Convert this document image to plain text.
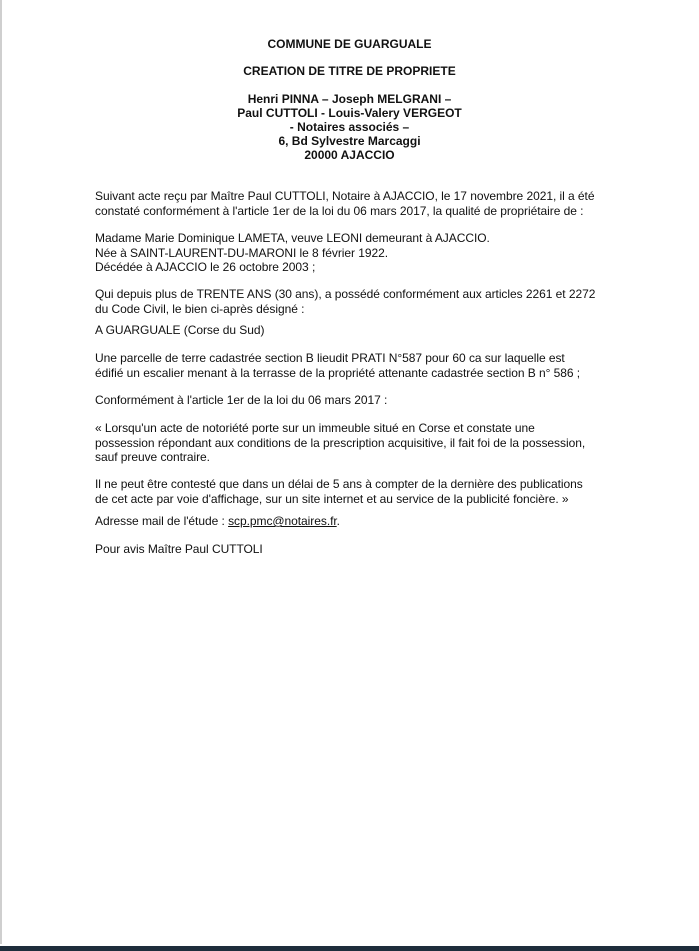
COMMUNE DE GUARGUALE
CREATION DE TITRE DE PROPRIETE
Henri PINNA – Joseph MELGRANI –
Paul CUTTOLI - Louis-Valery VERGEOT
- Notaires associés –
6, Bd Sylvestre Marcaggi
20000 AJACCIO

Suivant acte reçu par Maître Paul CUTTOLI, Notaire à AJACCIO, le 17 novembre 2021, il a été

constaté conformément à l'article 1er de la loi du 06 mars 2017, la qualité de propriétaire de :

Madame Marie Dominique LAMETA, veuve LEONI demeurant à AJACCIO.

Née à SAINT-LAURENT-DU-MARONI le 8 février 1922.

Décédée à AJACCIO le 26 octobre 2003 ;

Qui depuis plus de TRENTE ANS (30 ans), a possédé conformément aux articles 2261 et 2272

du Code Civil, le bien ci-après désigné :

A GUARGUALE (Corse du Sud)

Une parcelle de terre cadastrée section B lieudit PRATI N°587 pour 60 ca sur laquelle est

édifié un escalier menant à la terrasse de la propriété attenante cadastrée section B n° 586 ;

Conformément à l'article 1er de la loi du 06 mars 2017 :

« Lorsqu'un acte de notoriété porte sur un immeuble situé en Corse et constate une

possession répondant aux conditions de la prescription acquisitive, il fait foi de la possession,

sauf preuve contraire.

Il ne peut être contesté que dans un délai de 5 ans à compter de la dernière des publications

de cet acte par voie d'affichage, sur un site internet et au service de la publicité foncière. »

Adresse mail de l'étude : scp.pmc@notaires.fr.

Pour avis Maître Paul CUTTOLI
